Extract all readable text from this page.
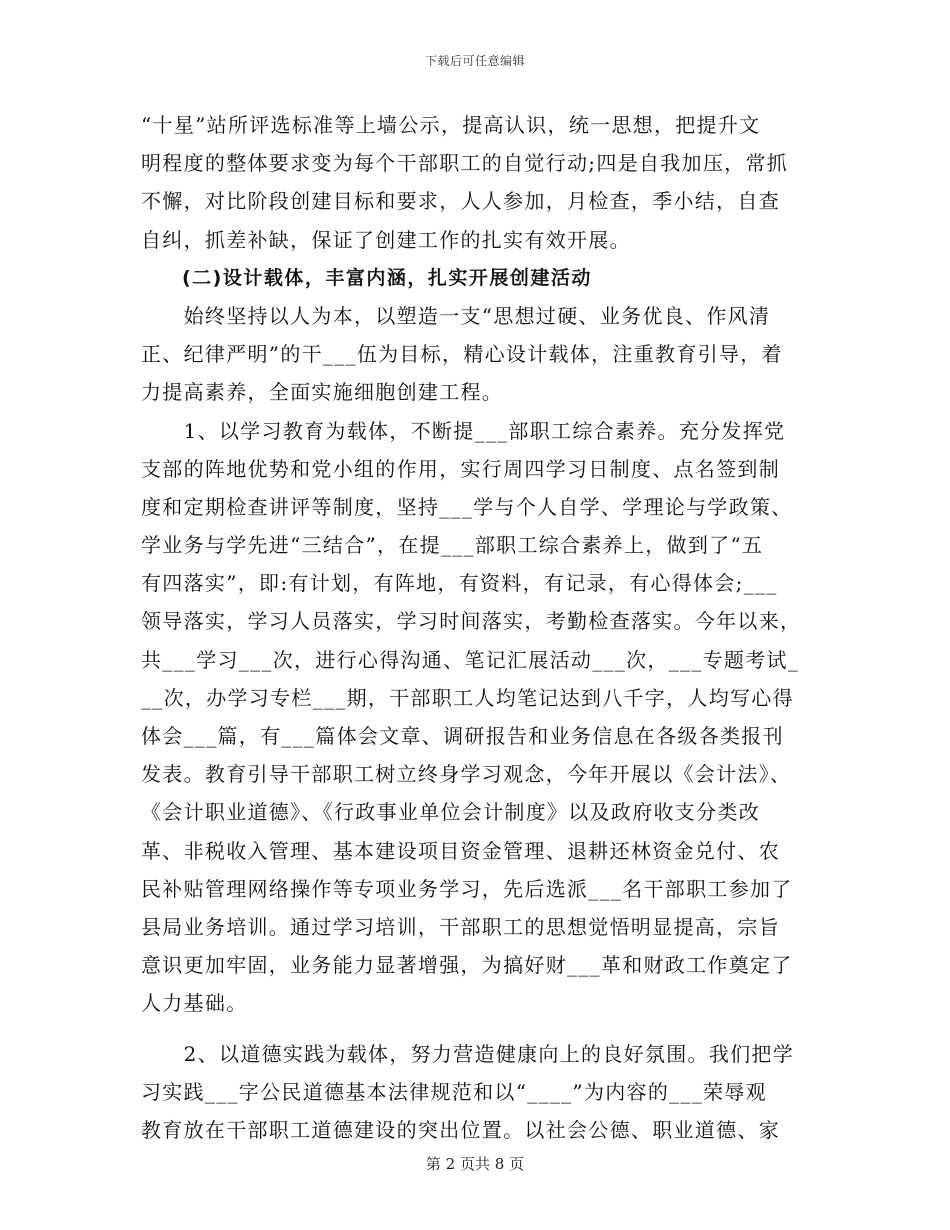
下载后可任意编辑
“十星”站所评选标准等上墙公示，提高认识，统一思想，把提升文
明程度的整体要求变为每个干部职工的自觉行动;四是自我加压，常抓
不懈，对比阶段创建目标和要求，人人参加，月检查，季小结，自查
自纠，抓差补缺，保证了创建工作的扎实有效开展。
　　(二)设计载体，丰富内涵，扎实开展创建活动
　　始终坚持以人为本，以塑造一支“思想过硬、业务优良、作风清
正、纪律严明”的干___伍为目标，精心设计载体，注重教育引导，着
力提高素养，全面实施细胞创建工程。
　　1、以学习教育为载体，不断提___部职工综合素养。充分发挥党
支部的阵地优势和党小组的作用，实行周四学习日制度、点名签到制
度和定期检查讲评等制度，坚持___学与个人自学、学理论与学政策、
学业务与学先进“三结合”，在提___部职工综合素养上，做到了“五
有四落实”，即:有计划，有阵地，有资料，有记录，有心得体会;___
领导落实，学习人员落实，学习时间落实，考勤检查落实。今年以来，
共___学习___次，进行心得沟通、笔记汇展活动___次，___专题考试_
__次，办学习专栏___期，干部职工人均笔记达到八千字，人均写心得
体会___篇，有___篇体会文章、调研报告和业务信息在各级各类报刊
发表。教育引导干部职工树立终身学习观念，今年开展以《会计法》、
《会计职业道德》、《行政事业单位会计制度》以及政府收支分类改
革、非税收入管理、基本建设项目资金管理、退耕还林资金兑付、农
民补贴管理网络操作等专项业务学习，先后选派___名干部职工参加了
县局业务培训。通过学习培训，干部职工的思想觉悟明显提高，宗旨
意识更加牢固，业务能力显著增强，为搞好财___革和财政工作奠定了
人力基础。
　　2、以道德实践为载体，努力营造健康向上的良好氛围。我们把学
习实践___字公民道德基本法律规范和以“____”为内容的___荣辱观
教育放在干部职工道德建设的突出位置。以社会公德、职业道德、家
第 2 页共 8 页
